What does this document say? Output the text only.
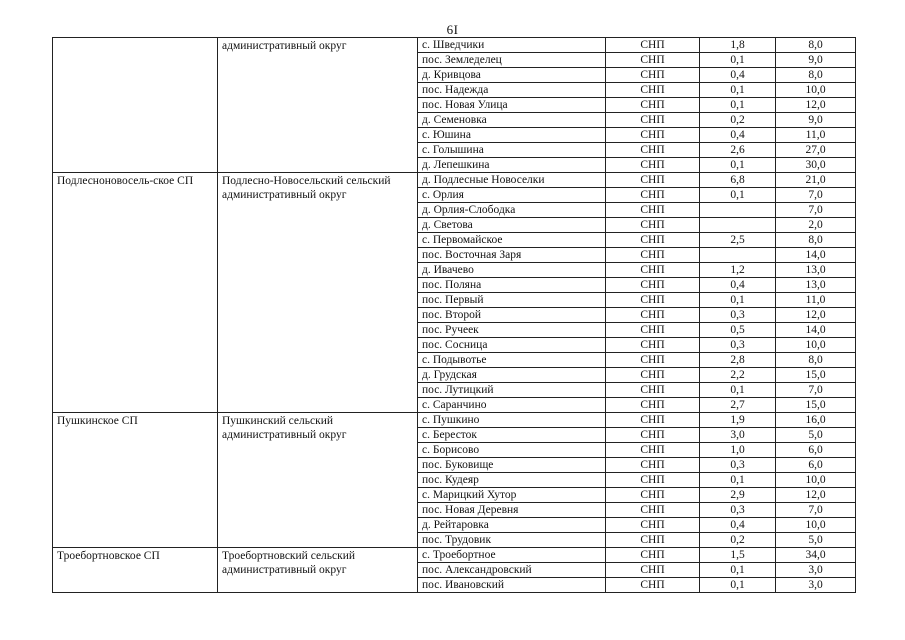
6I
	административный округ	с. Шведчики	СНП	1,8	8,0
		пос. Земледелец	СНП	0,1	9,0
		д. Кривцова	СНП	0,4	8,0
		пос. Надежда	СНП	0,1	10,0
		пос. Новая Улица	СНП	0,1	12,0
		д. Семеновка	СНП	0,2	9,0
		с. Юшина	СНП	0,4	11,0
		с. Голышина	СНП	2,6	27,0
		д. Лепешкина	СНП	0,1	30,0
Подлесноновосель-ское СП	Подлесно-Новосельский сельский административный округ	д. Подлесные Новоселки	СНП	6,8	21,0
		с. Орлия	СНП	0,1	7,0
		д. Орлия-Слободка	СНП		7,0
		д. Светова	СНП		2,0
		с. Первомайское	СНП	2,5	8,0
		пос. Восточная Заря	СНП		14,0
		д. Ивачево	СНП	1,2	13,0
		пос. Поляна	СНП	0,4	13,0
		пос. Первый	СНП	0,1	11,0
		пос. Второй	СНП	0,3	12,0
		пос. Ручеек	СНП	0,5	14,0
		пос. Сосница	СНП	0,3	10,0
		с. Подывотье	СНП	2,8	8,0
		д. Грудская	СНП	2,2	15,0
		пос. Лутицкий	СНП	0,1	7,0
		с. Саранчино	СНП	2,7	15,0
Пушкинское СП	Пушкинский сельский административный округ	с. Пушкино	СНП	1,9	16,0
		с. Бересток	СНП	3,0	5,0
		с. Борисово	СНП	1,0	6,0
		пос. Буковище	СНП	0,3	6,0
		пос. Кудеяр	СНП	0,1	10,0
		с. Марицкий Хутор	СНП	2,9	12,0
		пос. Новая Деревня	СНП	0,3	7,0
		д. Рейтаровка	СНП	0,4	10,0
		пос. Трудовик	СНП	0,2	5,0
Троебортновское СП	Троебортновский сельский административный округ	с. Троебортное	СНП	1,5	34,0
		пос. Александровский	СНП	0,1	3,0
		пос. Ивановский	СНП	0,1	3,0
